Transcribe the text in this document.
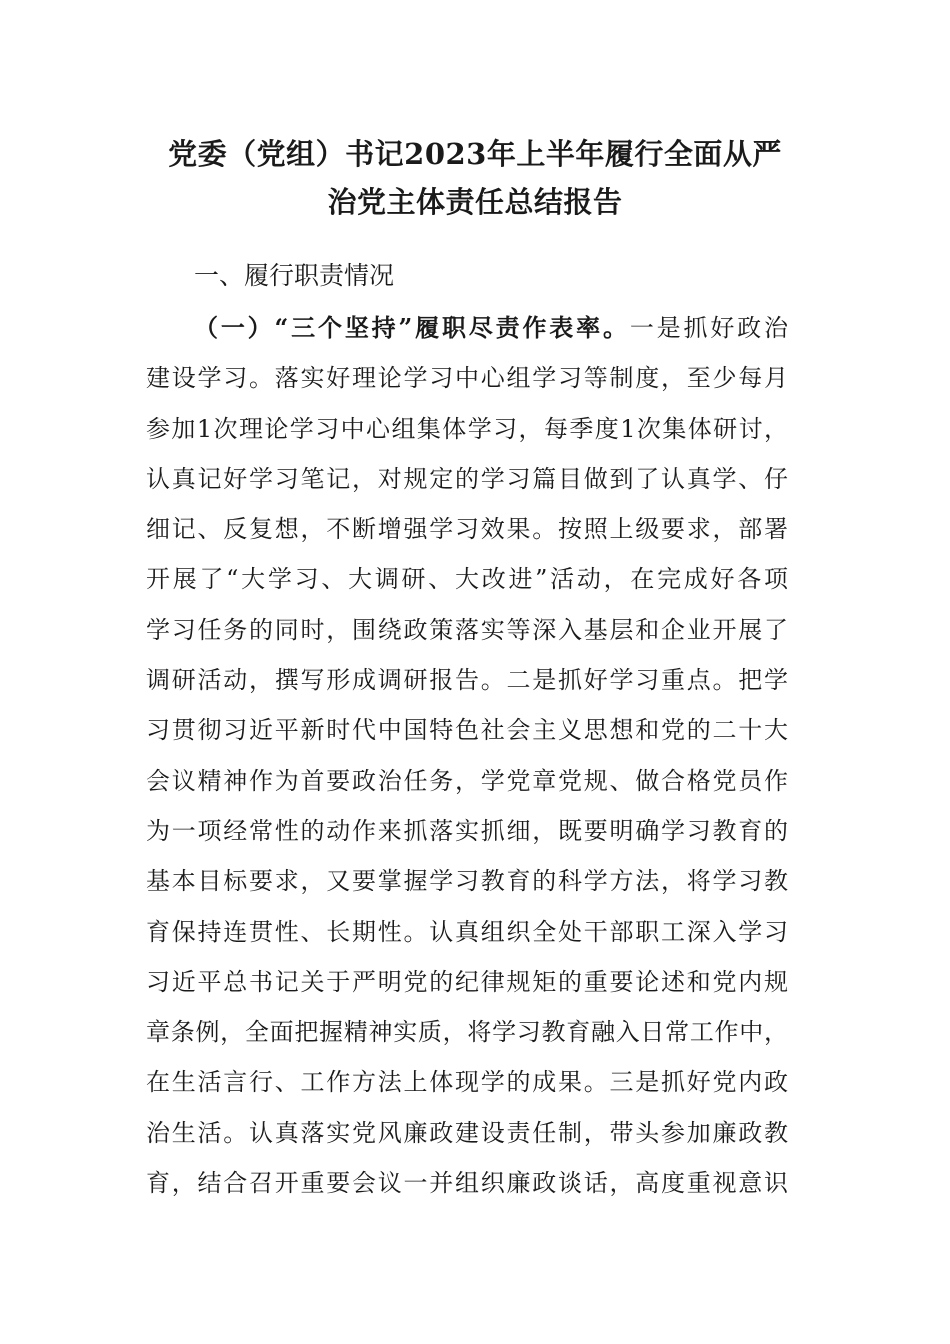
党委（党组）书记2023年上半年履行全面从严
治党主体责任总结报告
一、履行职责情况
（一）“三个坚持”履职尽责作表率。一是抓好政治
建设学习。落实好理论学习中心组学习等制度，至少每月
参加1次理论学习中心组集体学习，每季度1次集体研讨，
认真记好学习笔记，对规定的学习篇目做到了认真学、仔
细记、反复想，不断增强学习效果。按照上级要求，部署
开展了“大学习、大调研、大改进”活动，在完成好各项
学习任务的同时，围绕政策落实等深入基层和企业开展了
调研活动，撰写形成调研报告。二是抓好学习重点。把学
习贯彻习近平新时代中国特色社会主义思想和党的二十大
会议精神作为首要政治任务，学党章党规、做合格党员作
为一项经常性的动作来抓落实抓细，既要明确学习教育的
基本目标要求，又要掌握学习教育的科学方法，将学习教
育保持连贯性、长期性。认真组织全处干部职工深入学习
习近平总书记关于严明党的纪律规矩的重要论述和党内规
章条例，全面把握精神实质，将学习教育融入日常工作中，
在生活言行、工作方法上体现学的成果。三是抓好党内政
治生活。认真落实党风廉政建设责任制，带头参加廉政教
育，结合召开重要会议一并组织廉政谈话，高度重视意识
